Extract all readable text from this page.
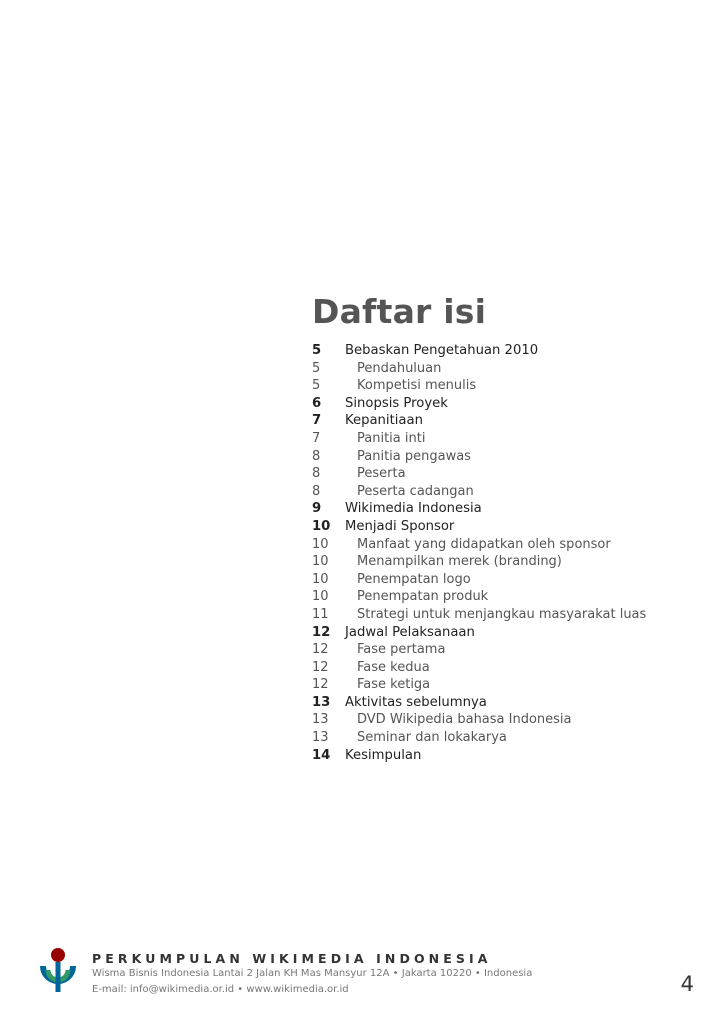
Daftar isi
5	Bebaskan Pengetahuan 2010
5	Pendahuluan
5	Kompetisi menulis
6	Sinopsis Proyek
7	Kepanitiaan
7	Panitia inti
8	Panitia pengawas
8	Peserta
8	Peserta cadangan
9	Wikimedia Indonesia
10	Menjadi Sponsor
10	Manfaat yang didapatkan oleh sponsor
10	Menampilkan merek (branding)
10	Penempatan logo
10	Penempatan produk
11	Strategi untuk menjangkau masyarakat luas
12	Jadwal Pelaksanaan
12	Fase pertama
12	Fase kedua
12	Fase ketiga
13	Aktivitas sebelumnya
13	DVD Wikipedia bahasa Indonesia
13	Seminar dan lokakarya
14	Kesimpulan
PERKUMPULAN WIKIMEDIA INDONESIA
Wisma Bisnis Indonesia Lantai 2 Jalan KH Mas Mansyur 12A • Jakarta 10220 • Indonesia
E-mail: info@wikimedia.or.id • www.wikimedia.or.id	4
